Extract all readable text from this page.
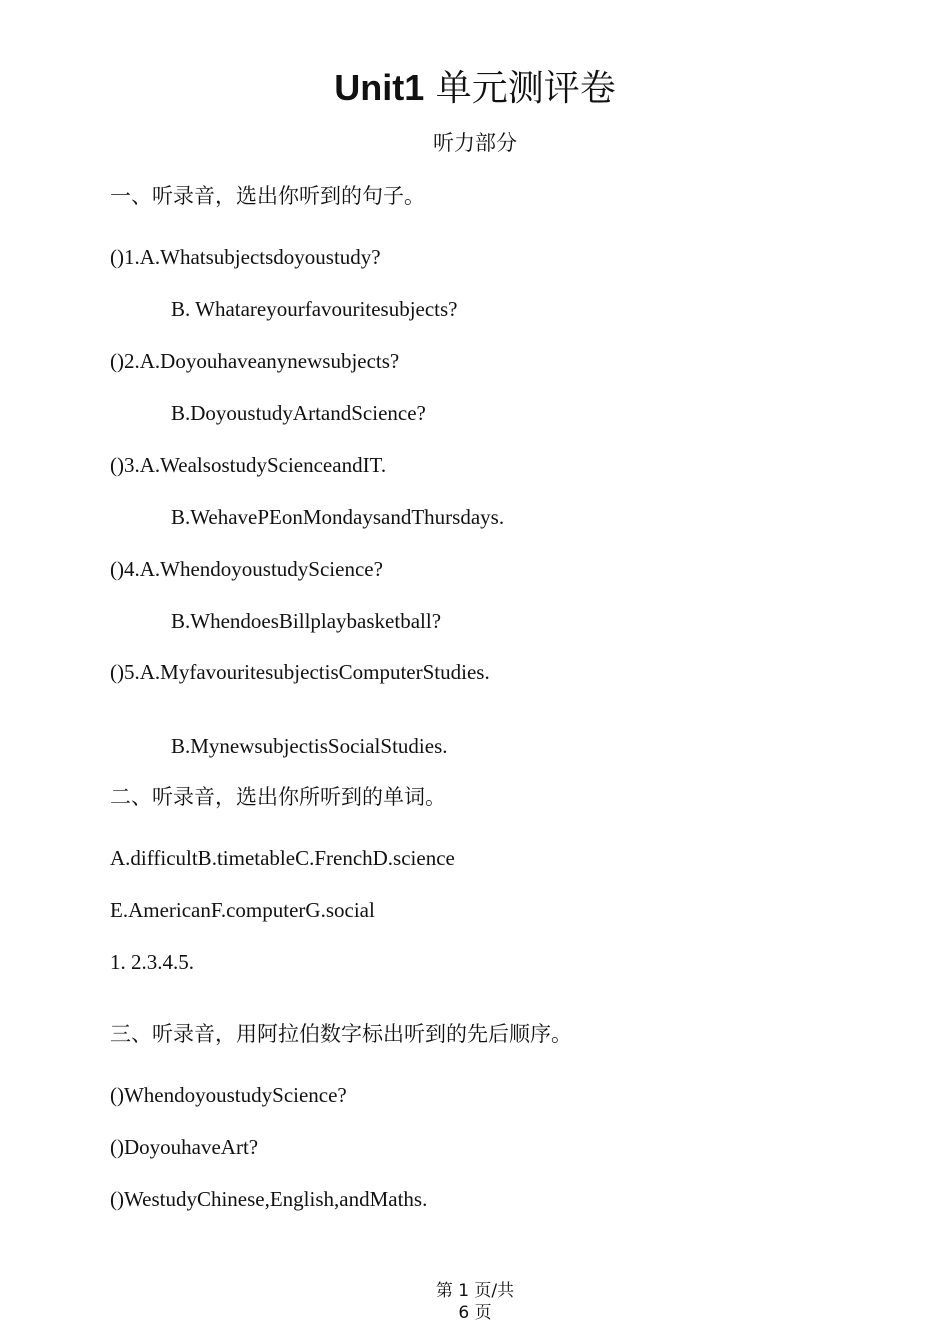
Unit1 单元测评卷
听力部分
一、听录音，选出你听到的句子。
()1.A.Whatsubjectsdoyoustudy?
B. Whatareyourfavouritesubjects?
()2.A.Doyouhaveanynewsubjects?
B.DoyoustudyArtandScience?
()3.A.WealsostudyScienceandIT.
B.WehavePEonMondaysandThursdays.
()4.A.WhendoyoustudyScience?
B.WhendoesBillplaybasketball?
()5.A.MyfavouritesubjectisComputerStudies.
B.MynewsubjectisSocialStudies.
二、听录音，选出你所听到的单词。
A.difficultB.timetableC.FrenchD.science
E.AmericanF.computerG.social
1. 2.3.4.5.
三、听录音，用阿拉伯数字标出听到的先后顺序。
()WhendoyoustudyScience?
()DoyouhaveArt?
()WestudyChinese,English,andMaths.
第 1 页/共
6 页
